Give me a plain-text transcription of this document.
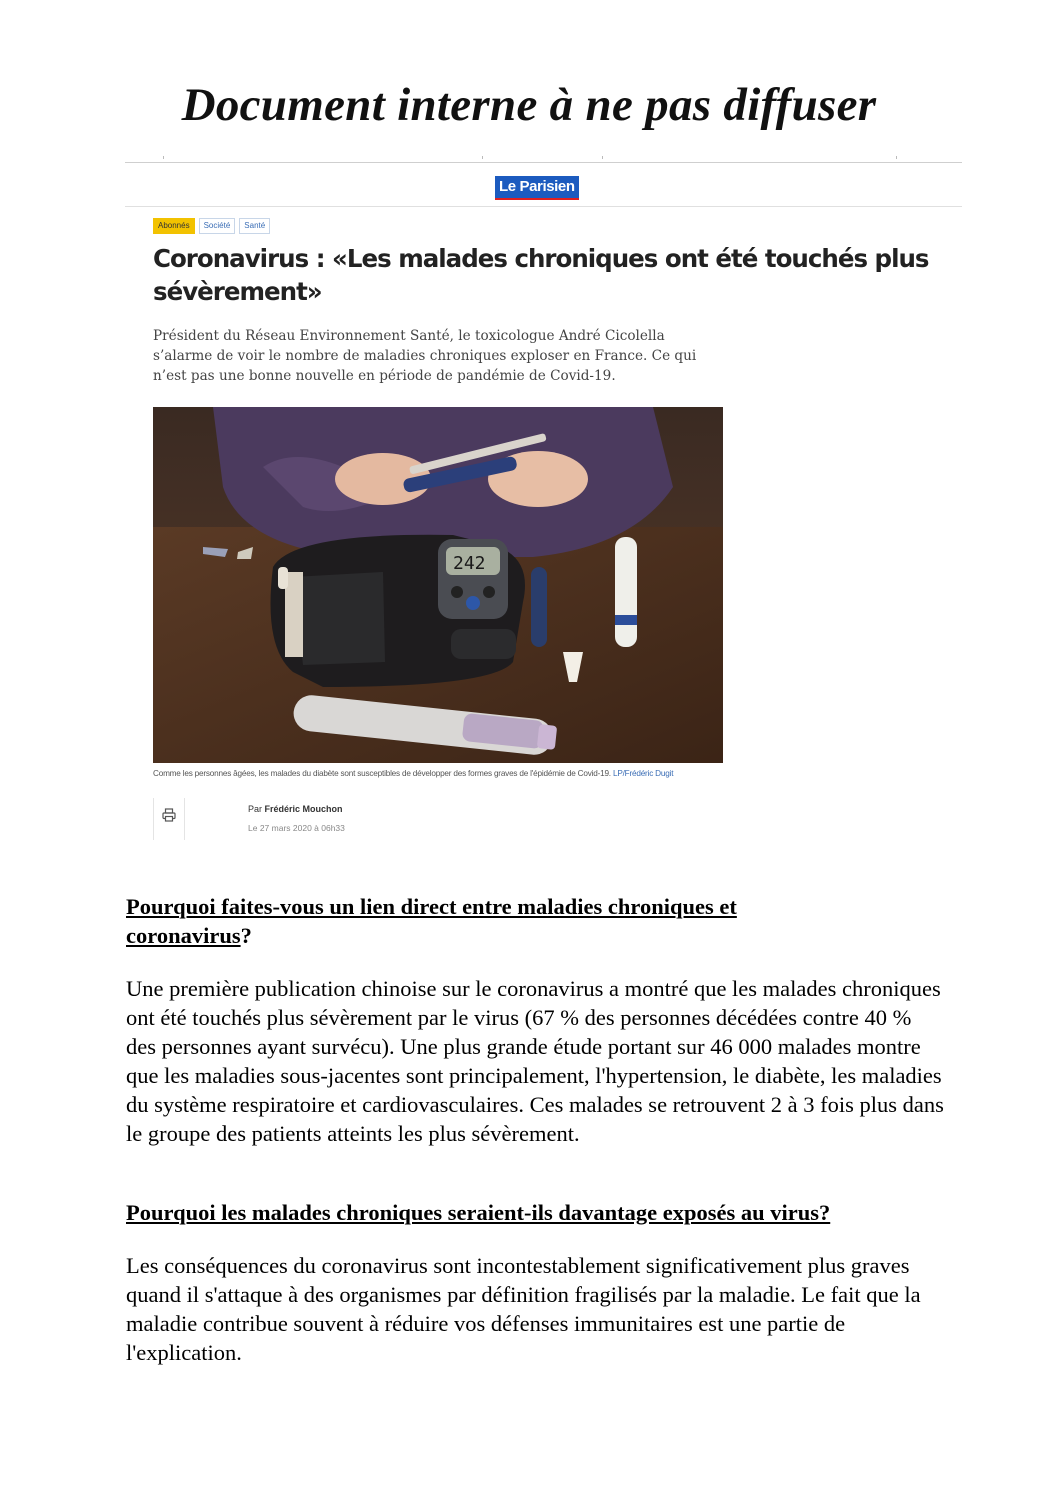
Document interne à ne pas diffuser
Le Parisien
Abonnés	Société	Santé
Coronavirus : «Les malades chroniques ont été touchés plus sévèrement»

Président du Réseau Environnement Santé, le toxicologue André Cicolella s’alarme de voir le nombre de maladies chroniques exploser en France. Ce qui n’est pas une bonne nouvelle en période de pandémie de Covid-19.

242
Comme les personnes âgées, les malades du diabète sont susceptibles de développer des formes graves de l'épidémie de Covid-19. LP/Frédéric Dugit
Par Frédéric Mouchon
Le 27 mars 2020 à 06h33
Pourquoi faites-vous un lien direct entre maladies chroniques et coronavirus?

Une première publication chinoise sur le coronavirus a montré que les malades chroniques ont été touchés plus sévèrement par le virus (67 % des personnes décédées contre 40 % des personnes ayant survécu). Une plus grande étude portant sur 46 000 malades montre que les maladies sous-jacentes sont principalement, l'hypertension, le diabète, les maladies du système respiratoire et cardiovasculaires. Ces malades se retrouvent 2 à 3 fois plus dans le groupe des patients atteints les plus sévèrement.

Pourquoi les malades chroniques seraient-ils davantage exposés au virus?

Les conséquences du coronavirus sont incontestablement significativement plus graves quand il s'attaque à des organismes par définition fragilisés par la maladie. Le fait que la maladie contribue souvent à réduire vos défenses immunitaires est une partie de l'explication.
